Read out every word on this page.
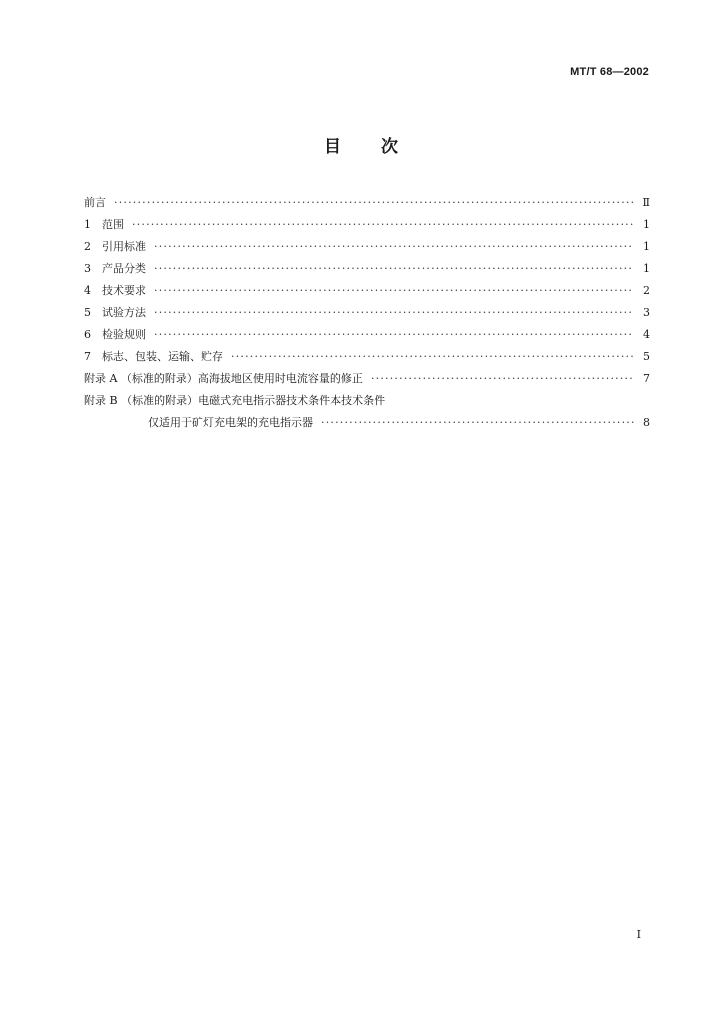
MT/T 68—2002
目 次
前言 ·····	Ⅱ
1	范围 ·····	1
2	引用标准 ·····	1
3	产品分类 ·····	1
4	技术要求 ·····	2
5	试验方法 ·····	3
6	检验规则 ·····	4
7	标志、包装、运输、贮存 ·····	5
附录 A （标准的附录）高海拔地区使用时电流容量的修正 ·····	7
附录 B （标准的附录）电磁式充电指示器技术条件本技术条件
仅适用于矿灯充电架的充电指示器 ·····	8
I
